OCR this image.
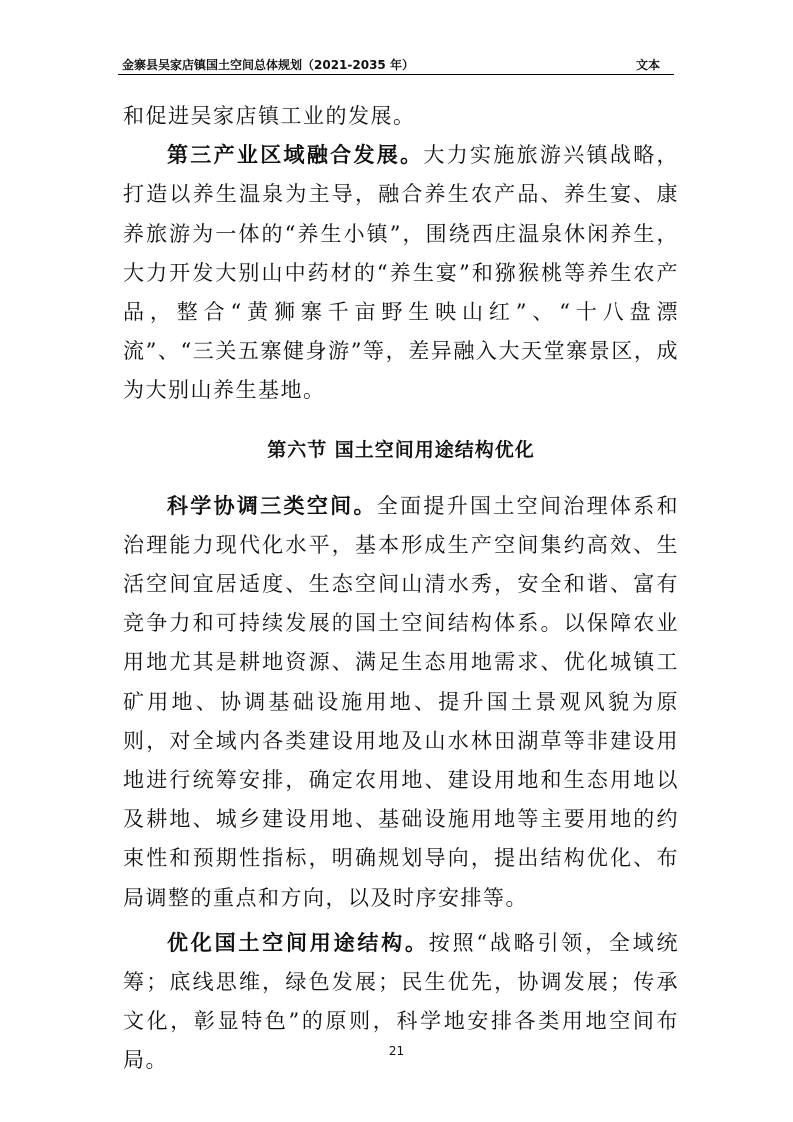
金寨县吴家店镇国土空间总体规划（2021-2035 年）	文本

和促进吴家店镇工业的发展。

第三产业区域融合发展。大力实施旅游兴镇战略，打造以养生温泉为主导，融合养生农产品、养生宴、康养旅游为一体的“养生小镇”，围绕西庄温泉休闲养生，大力开发大别山中药材的“养生宴”和猕猴桃等养生农产品，整合“黄狮寨千亩野生映山红”、“十八盘漂流”、“三关五寨健身游”等，差异融入大天堂寨景区，成为大别山养生基地。

第六节 国土空间用途结构优化

科学协调三类空间。全面提升国土空间治理体系和治理能力现代化水平，基本形成生产空间集约高效、生活空间宜居适度、生态空间山清水秀，安全和谐、富有竞争力和可持续发展的国土空间结构体系。以保障农业用地尤其是耕地资源、满足生态用地需求、优化城镇工矿用地、协调基础设施用地、提升国土景观风貌为原则，对全域内各类建设用地及山水林田湖草等非建设用地进行统筹安排，确定农用地、建设用地和生态用地以及耕地、城乡建设用地、基础设施用地等主要用地的约束性和预期性指标，明确规划导向，提出结构优化、布局调整的重点和方向，以及时序安排等。

优化国土空间用途结构。按照“战略引领，全域统筹；底线思维，绿色发展；民生优先，协调发展；传承文化，彰显特色”的原则，科学地安排各类用地空间布局。	21
